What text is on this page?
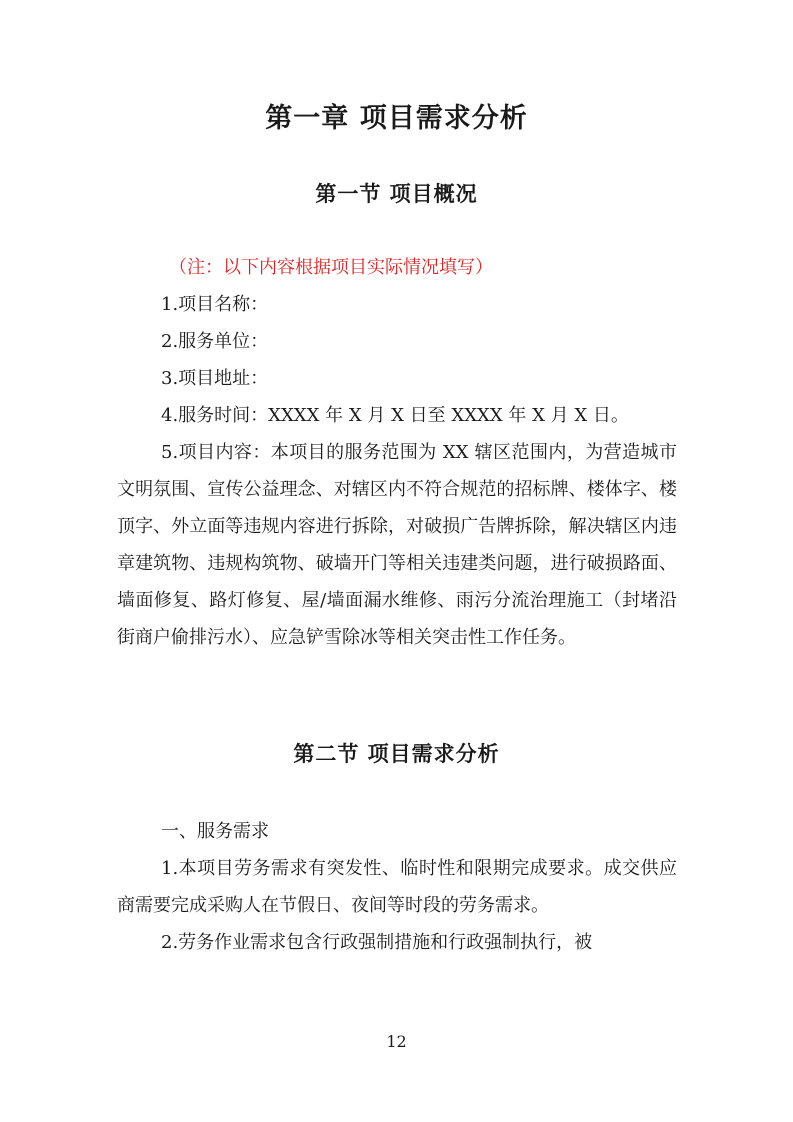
第一章 项目需求分析
第一节 项目概况

（注：以下内容根据项目实际情况填写）

1.项目名称：

2.服务单位：

3.项目地址：

4.服务时间：XXXX 年 X 月 X 日至 XXXX 年 X 月 X 日。

5.项目内容：本项目的服务范围为 XX 辖区范围内，为营造城市文明氛围、宣传公益理念、对辖区内不符合规范的招标牌、楼体字、楼顶字、外立面等违规内容进行拆除，对破损广告牌拆除，解决辖区内违章建筑物、违规构筑物、破墙开门等相关违建类问题，进行破损路面、墙面修复、路灯修复、屋/墙面漏水维修、雨污分流治理施工（封堵沿街商户偷排污水）、应急铲雪除冰等相关突击性工作任务。

第二节 项目需求分析

一、服务需求

1.本项目劳务需求有突发性、临时性和限期完成要求。成交供应商需要完成采购人在节假日、夜间等时段的劳务需求。

2.劳务作业需求包含行政强制措施和行政强制执行，被

12
